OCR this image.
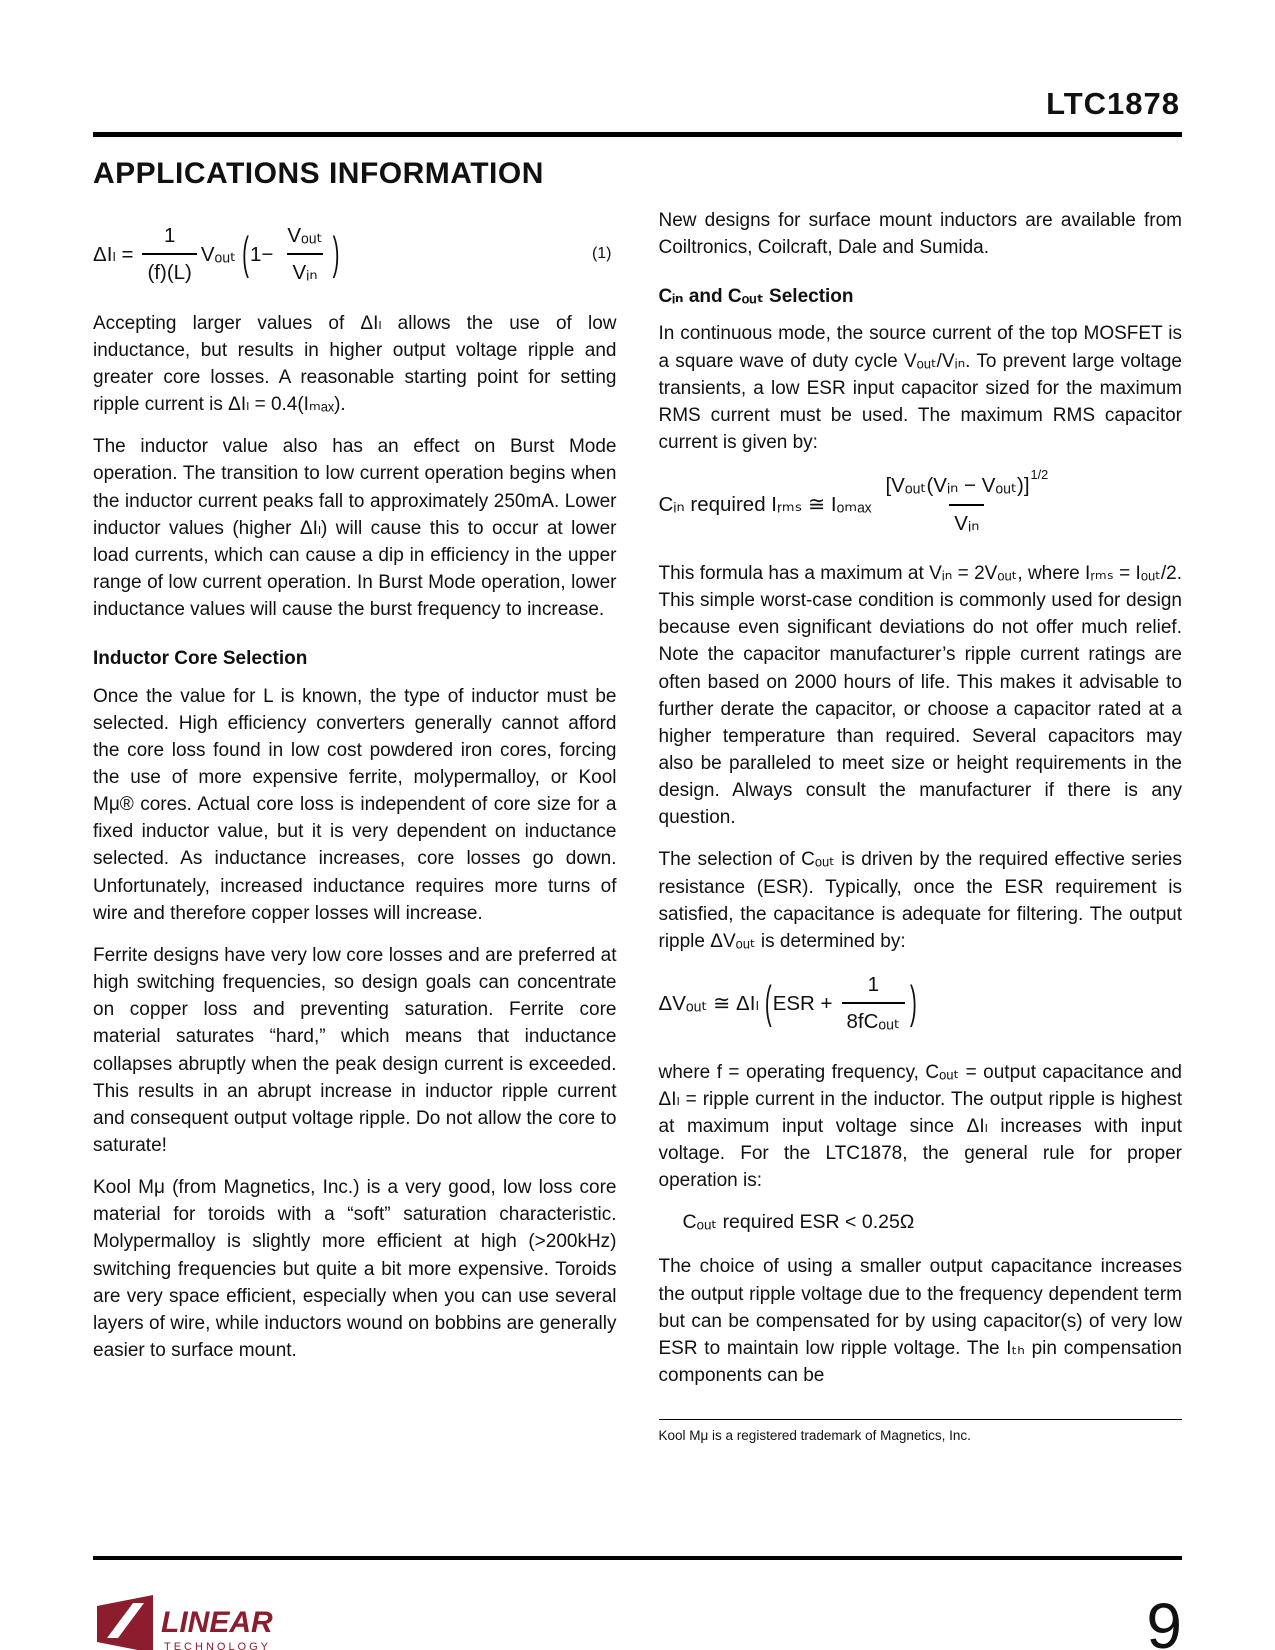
LTC1878
APPLICATIONS INFORMATION
$\Delta I_l = \frac{1}{(f)(L)}$ Vₒᵤₜ ( $1- \frac{\text{Vₒᵤₜ}}{\text{Vᵢₙ}}$ )	(1)

Accepting larger values of ΔIₗ allows the use of low inductance, but results in higher output voltage ripple and greater core losses. A reasonable starting point for setting ripple current is ΔIₗ = 0.4(Iₘₐₓ).

The inductor value also has an effect on Burst Mode operation. The transition to low current operation begins when the inductor current peaks fall to approximately 250mA. Lower inductor values (higher ΔIₗ) will cause this to occur at lower load currents, which can cause a dip in efficiency in the upper range of low current operation. In Burst Mode operation, lower inductance values will cause the burst frequency to increase.

Inductor Core Selection

Once the value for L is known, the type of inductor must be selected. High efficiency converters generally cannot afford the core loss found in low cost powdered iron cores, forcing the use of more expensive ferrite, molypermalloy, or Kool Mμ® cores. Actual core loss is independent of core size for a fixed inductor value, but it is very dependent on inductance selected. As inductance increases, core losses go down. Unfortunately, increased inductance requires more turns of wire and therefore copper losses will increase.

Ferrite designs have very low core losses and are preferred at high switching frequencies, so design goals can concentrate on copper loss and preventing saturation. Ferrite core material saturates “hard,” which means that inductance collapses abruptly when the peak design current is exceeded. This results in an abrupt increase in inductor ripple current and consequent output voltage ripple. Do not allow the core to saturate!

Kool Mμ (from Magnetics, Inc.) is a very good, low loss core material for toroids with a “soft” saturation characteristic. Molypermalloy is slightly more efficient at high (>200kHz) switching frequencies but quite a bit more expensive. Toroids are very space efficient, especially when you can use several layers of wire, while inductors wound on bobbins are generally easier to surface mount.

New designs for surface mount inductors are available from Coiltronics, Coilcraft, Dale and Sumida.

Cᵢₙ and Cₒᵤₜ Selection

In continuous mode, the source current of the top MOSFET is a square wave of duty cycle Vₒᵤₜ/Vᵢₙ. To prevent large voltage transients, a low ESR input capacitor sized for the maximum RMS current must be used. The maximum RMS capacitor current is given by:

Cᵢₙ required Iᵣₘₛ ≅ Iₒₘₐₓ [Vₒᵤₜ(Vᵢₙ − Vₒᵤₜ)]
1/2
Vᵢₙ

This formula has a maximum at Vᵢₙ = 2Vₒᵤₜ, where Iᵣₘₛ = Iₒᵤₜ/2. This simple worst-case condition is commonly used for design because even significant deviations do not offer much relief. Note the capacitor manufacturer’s ripple current ratings are often based on 2000 hours of life. This makes it advisable to further derate the capacitor, or choose a capacitor rated at a higher temperature than required. Several capacitors may also be paralleled to meet size or height requirements in the design. Always consult the manufacturer if there is any question.

The selection of Cₒᵤₜ is driven by the required effective series resistance (ESR). Typically, once the ESR requirement is satisfied, the capacitance is adequate for filtering. The output ripple ΔVₒᵤₜ is determined by:

ΔVₒᵤₜ ≅ ΔIₗ ( ESR + $\frac{1}{\text{8fCₒᵤₜ}}$ )

where f = operating frequency, Cₒᵤₜ = output capacitance and ΔIₗ = ripple current in the inductor. The output ripple is highest at maximum input voltage since ΔIₗ increases with input voltage. For the LTC1878, the general rule for proper operation is:

Cₒᵤₜ required ESR < 0.25Ω

The choice of using a smaller output capacitance increases the output ripple voltage due to the frequency dependent term but can be compensated for by using capacitor(s) of very low ESR to maintain low ripple voltage. The Iₜₕ pin compensation components can be

Kool Mμ is a registered trademark of Magnetics, Inc.
LINEAR
TECHNOLOGY	9
